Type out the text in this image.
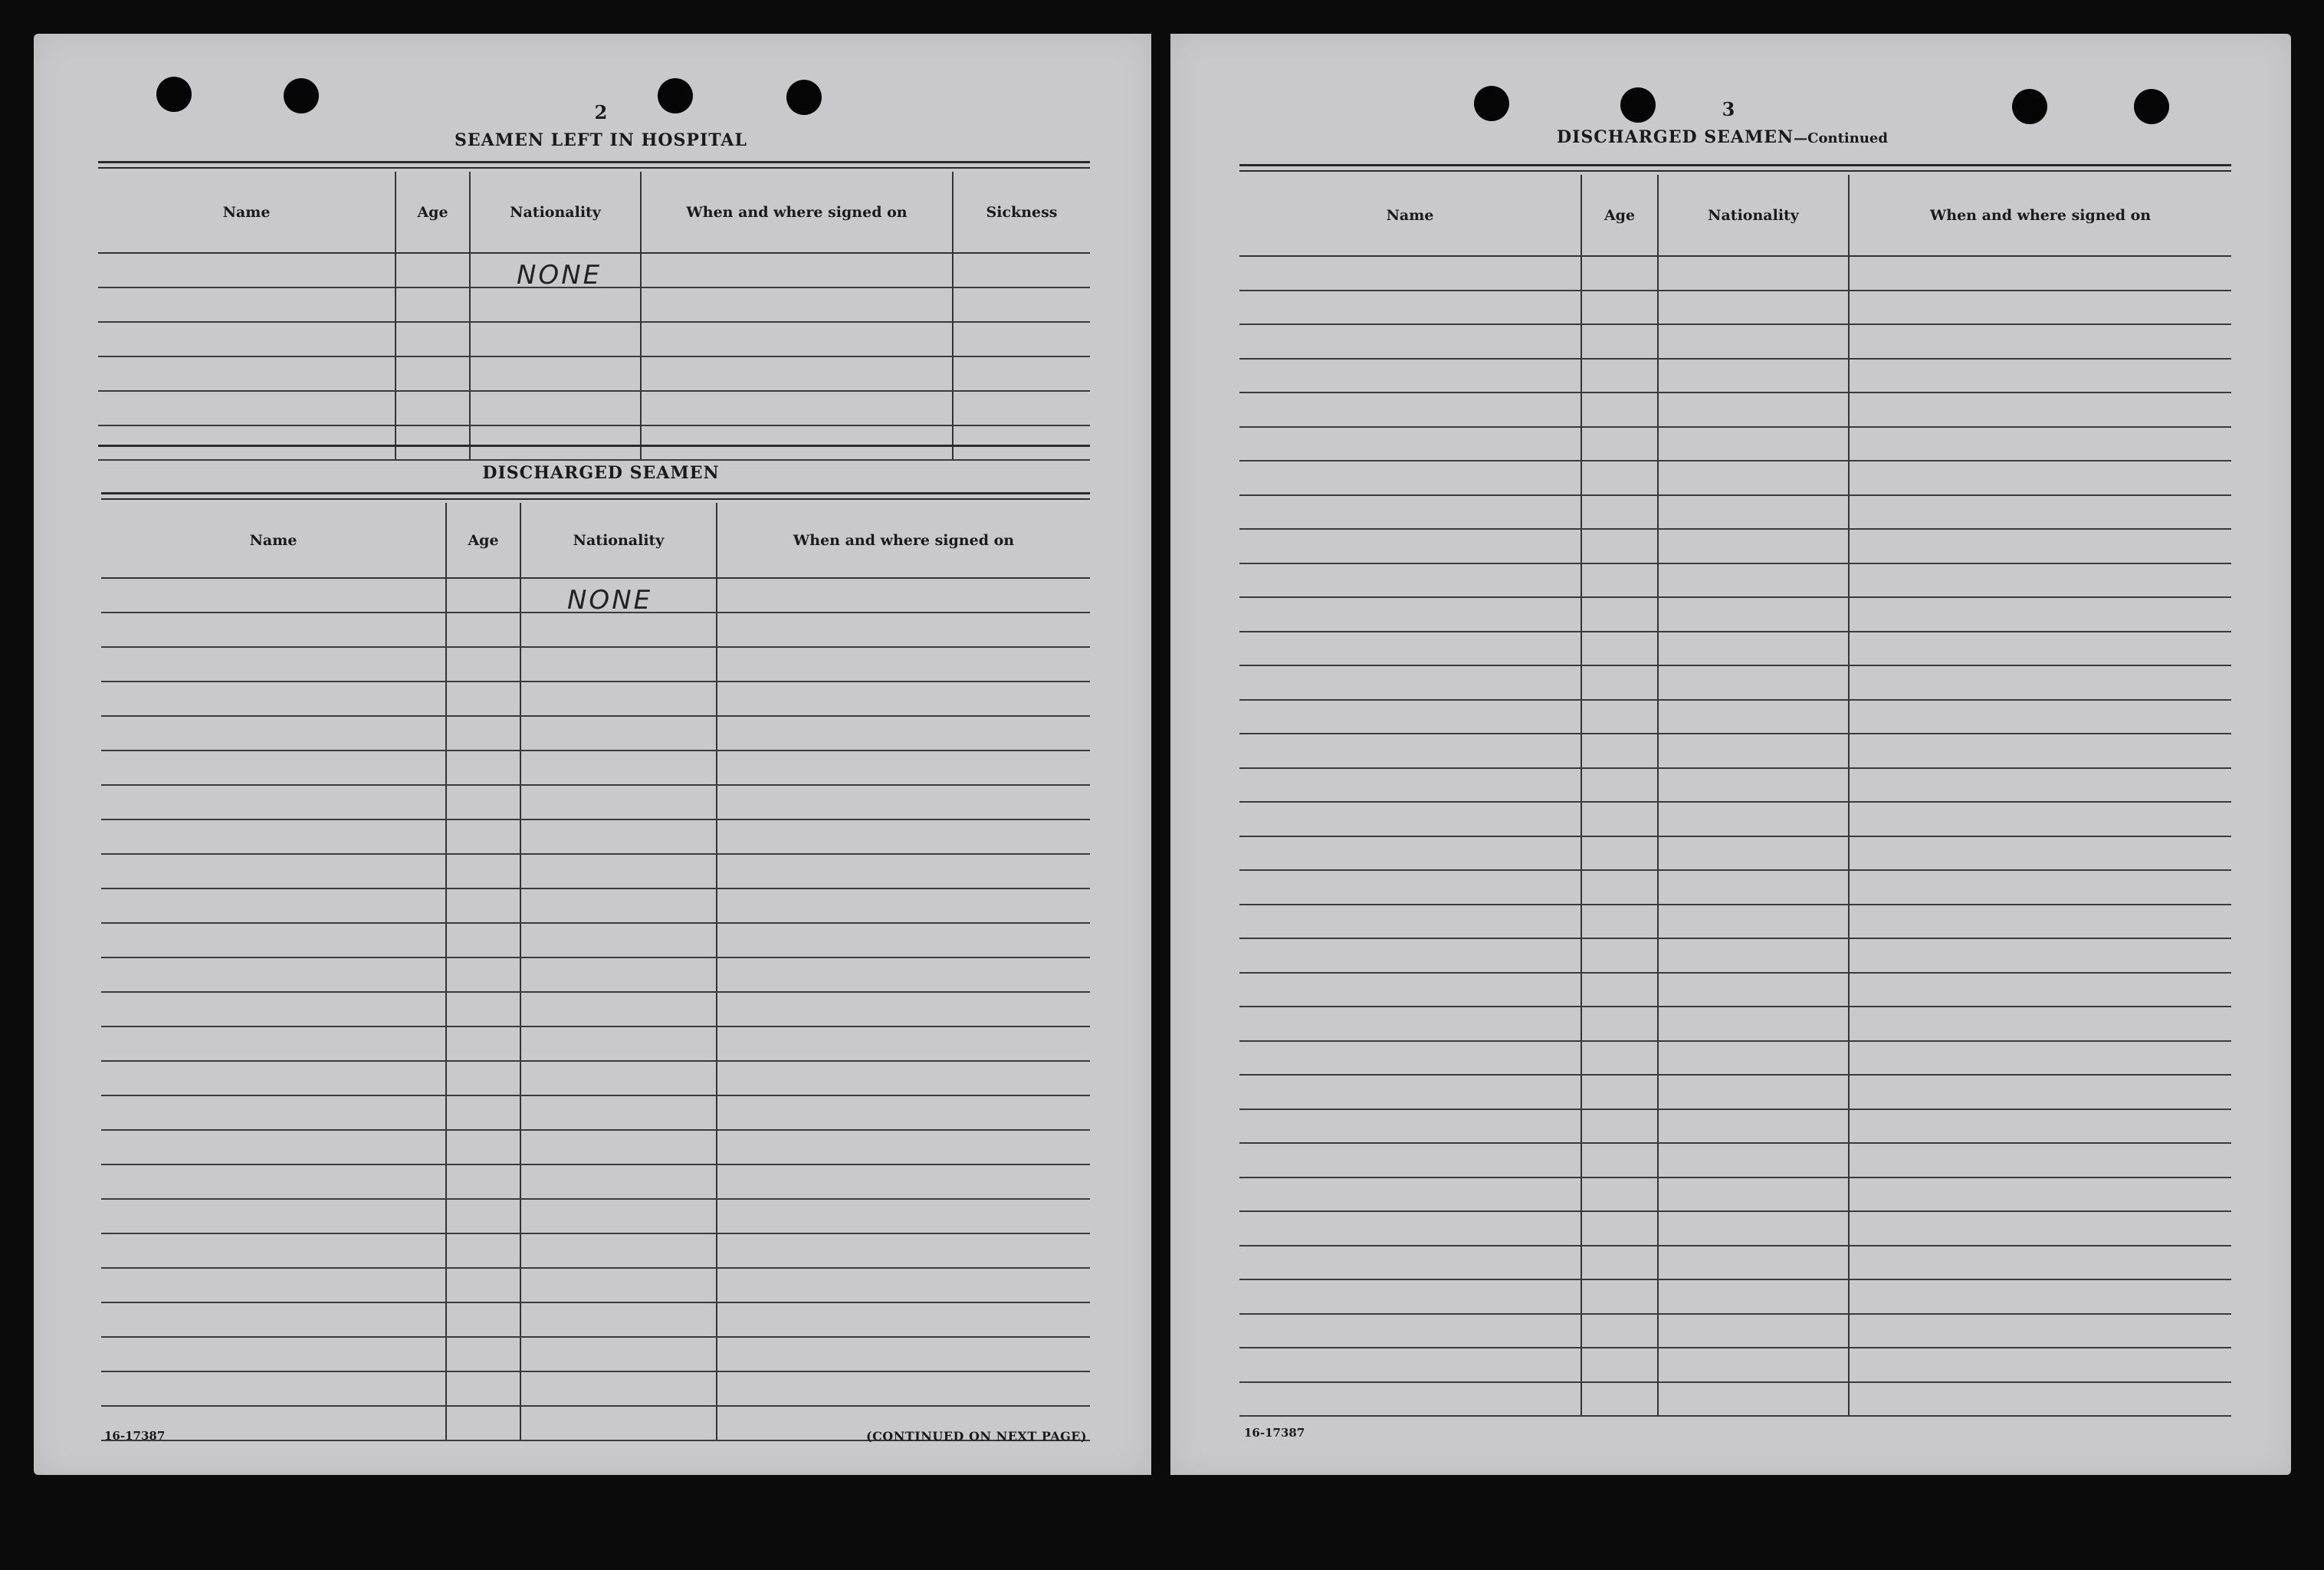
2
SEAMEN LEFT IN HOSPITAL
Name	Age	Nationality	When and where signed on	Sickness
		NONE		

DISCHARGED SEAMEN
Name	Age	Nationality	When and where signed on
		NONE	

16-17387	(CONTINUED ON NEXT PAGE)
3
DISCHARGED SEAMEN—Continued
Name	Age	Nationality	When and where signed on

16-17387
